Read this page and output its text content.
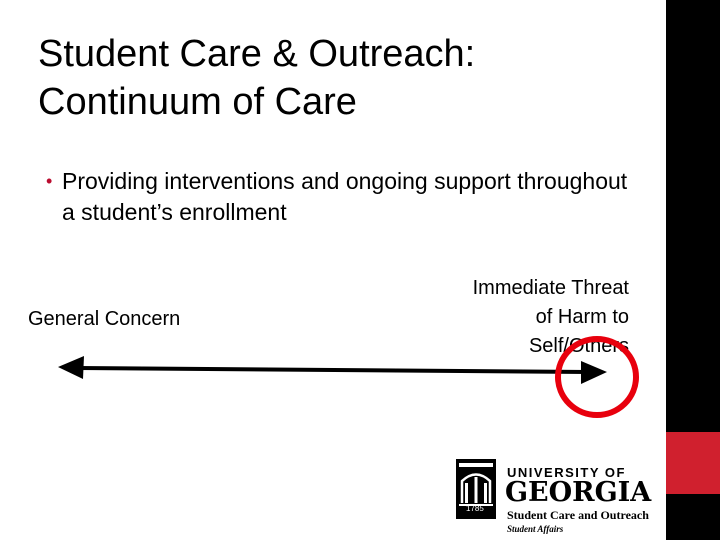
Student Care & Outreach:
Continuum of Care
• Providing interventions and ongoing support throughout a student’s enrollment
General Concern
Immediate Threat
of Harm to
Self/Others
1785
UNIVERSITY OF
GEORGIA
Student Care and Outreach
Student Affairs
